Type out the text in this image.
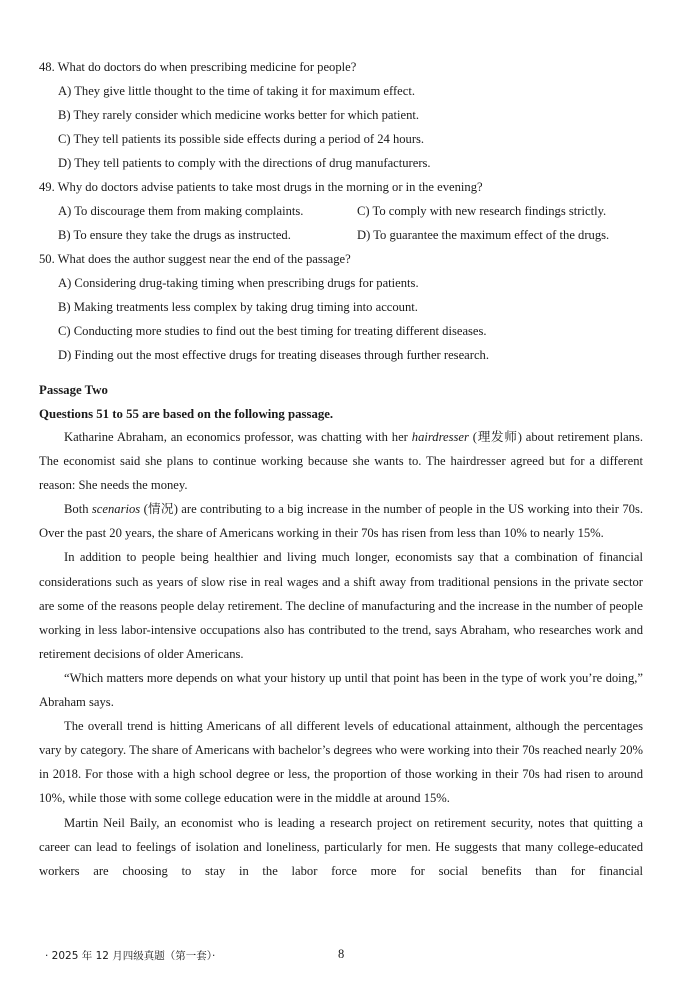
48. What do doctors do when prescribing medicine for people?
A) They give little thought to the time of taking it for maximum effect.
B) They rarely consider which medicine works better for which patient.
C) They tell patients its possible side effects during a period of 24 hours.
D) They tell patients to comply with the directions of drug manufacturers.
49. Why do doctors advise patients to take most drugs in the morning or in the evening?
A) To discourage them from making complaints.	C) To comply with new research findings strictly.
B) To ensure they take the drugs as instructed.	D) To guarantee the maximum effect of the drugs.
50. What does the author suggest near the end of the passage?
A) Considering drug-taking timing when prescribing drugs for patients.
B) Making treatments less complex by taking drug timing into account.
C) Conducting more studies to find out the best timing for treating different diseases.
D) Finding out the most effective drugs for treating diseases through further research.
Passage Two
Questions 51 to 55 are based on the following passage.

Katharine Abraham, an economics professor, was chatting with her hairdresser (理发师) about retirement plans. The economist said she plans to continue working because she wants to. The hairdresser agreed but for a different reason: She needs the money.

Both scenarios (情况) are contributing to a big increase in the number of people in the US working into their 70s. Over the past 20 years, the share of Americans working in their 70s has risen from less than 10% to nearly 15%.

In addition to people being healthier and living much longer, economists say that a combination of financial considerations such as years of slow rise in real wages and a shift away from traditional pensions in the private sector are some of the reasons people delay retirement. The decline of manufacturing and the increase in the number of people working in less labor-intensive occupations also has contributed to the trend, says Abraham, who researches work and retirement decisions of older Americans.

“Which matters more depends on what your history up until that point has been in the type of work you’re doing,” Abraham says.

The overall trend is hitting Americans of all different levels of educational attainment, although the percentages vary by category. The share of Americans with bachelor’s degrees who were working into their 70s reached nearly 20% in 2018. For those with a high school degree or less, the proportion of those working in their 70s had risen to around 10%, while those with some college education were in the middle at around 15%.

Martin Neil Baily, an economist who is leading a research project on retirement security, notes that quitting a career can lead to feelings of isolation and loneliness, particularly for men. He suggests that many college-educated workers are choosing to stay in the labor force more for social benefits than for financial

· 2025 年 12 月四级真题（第一套）·	8
